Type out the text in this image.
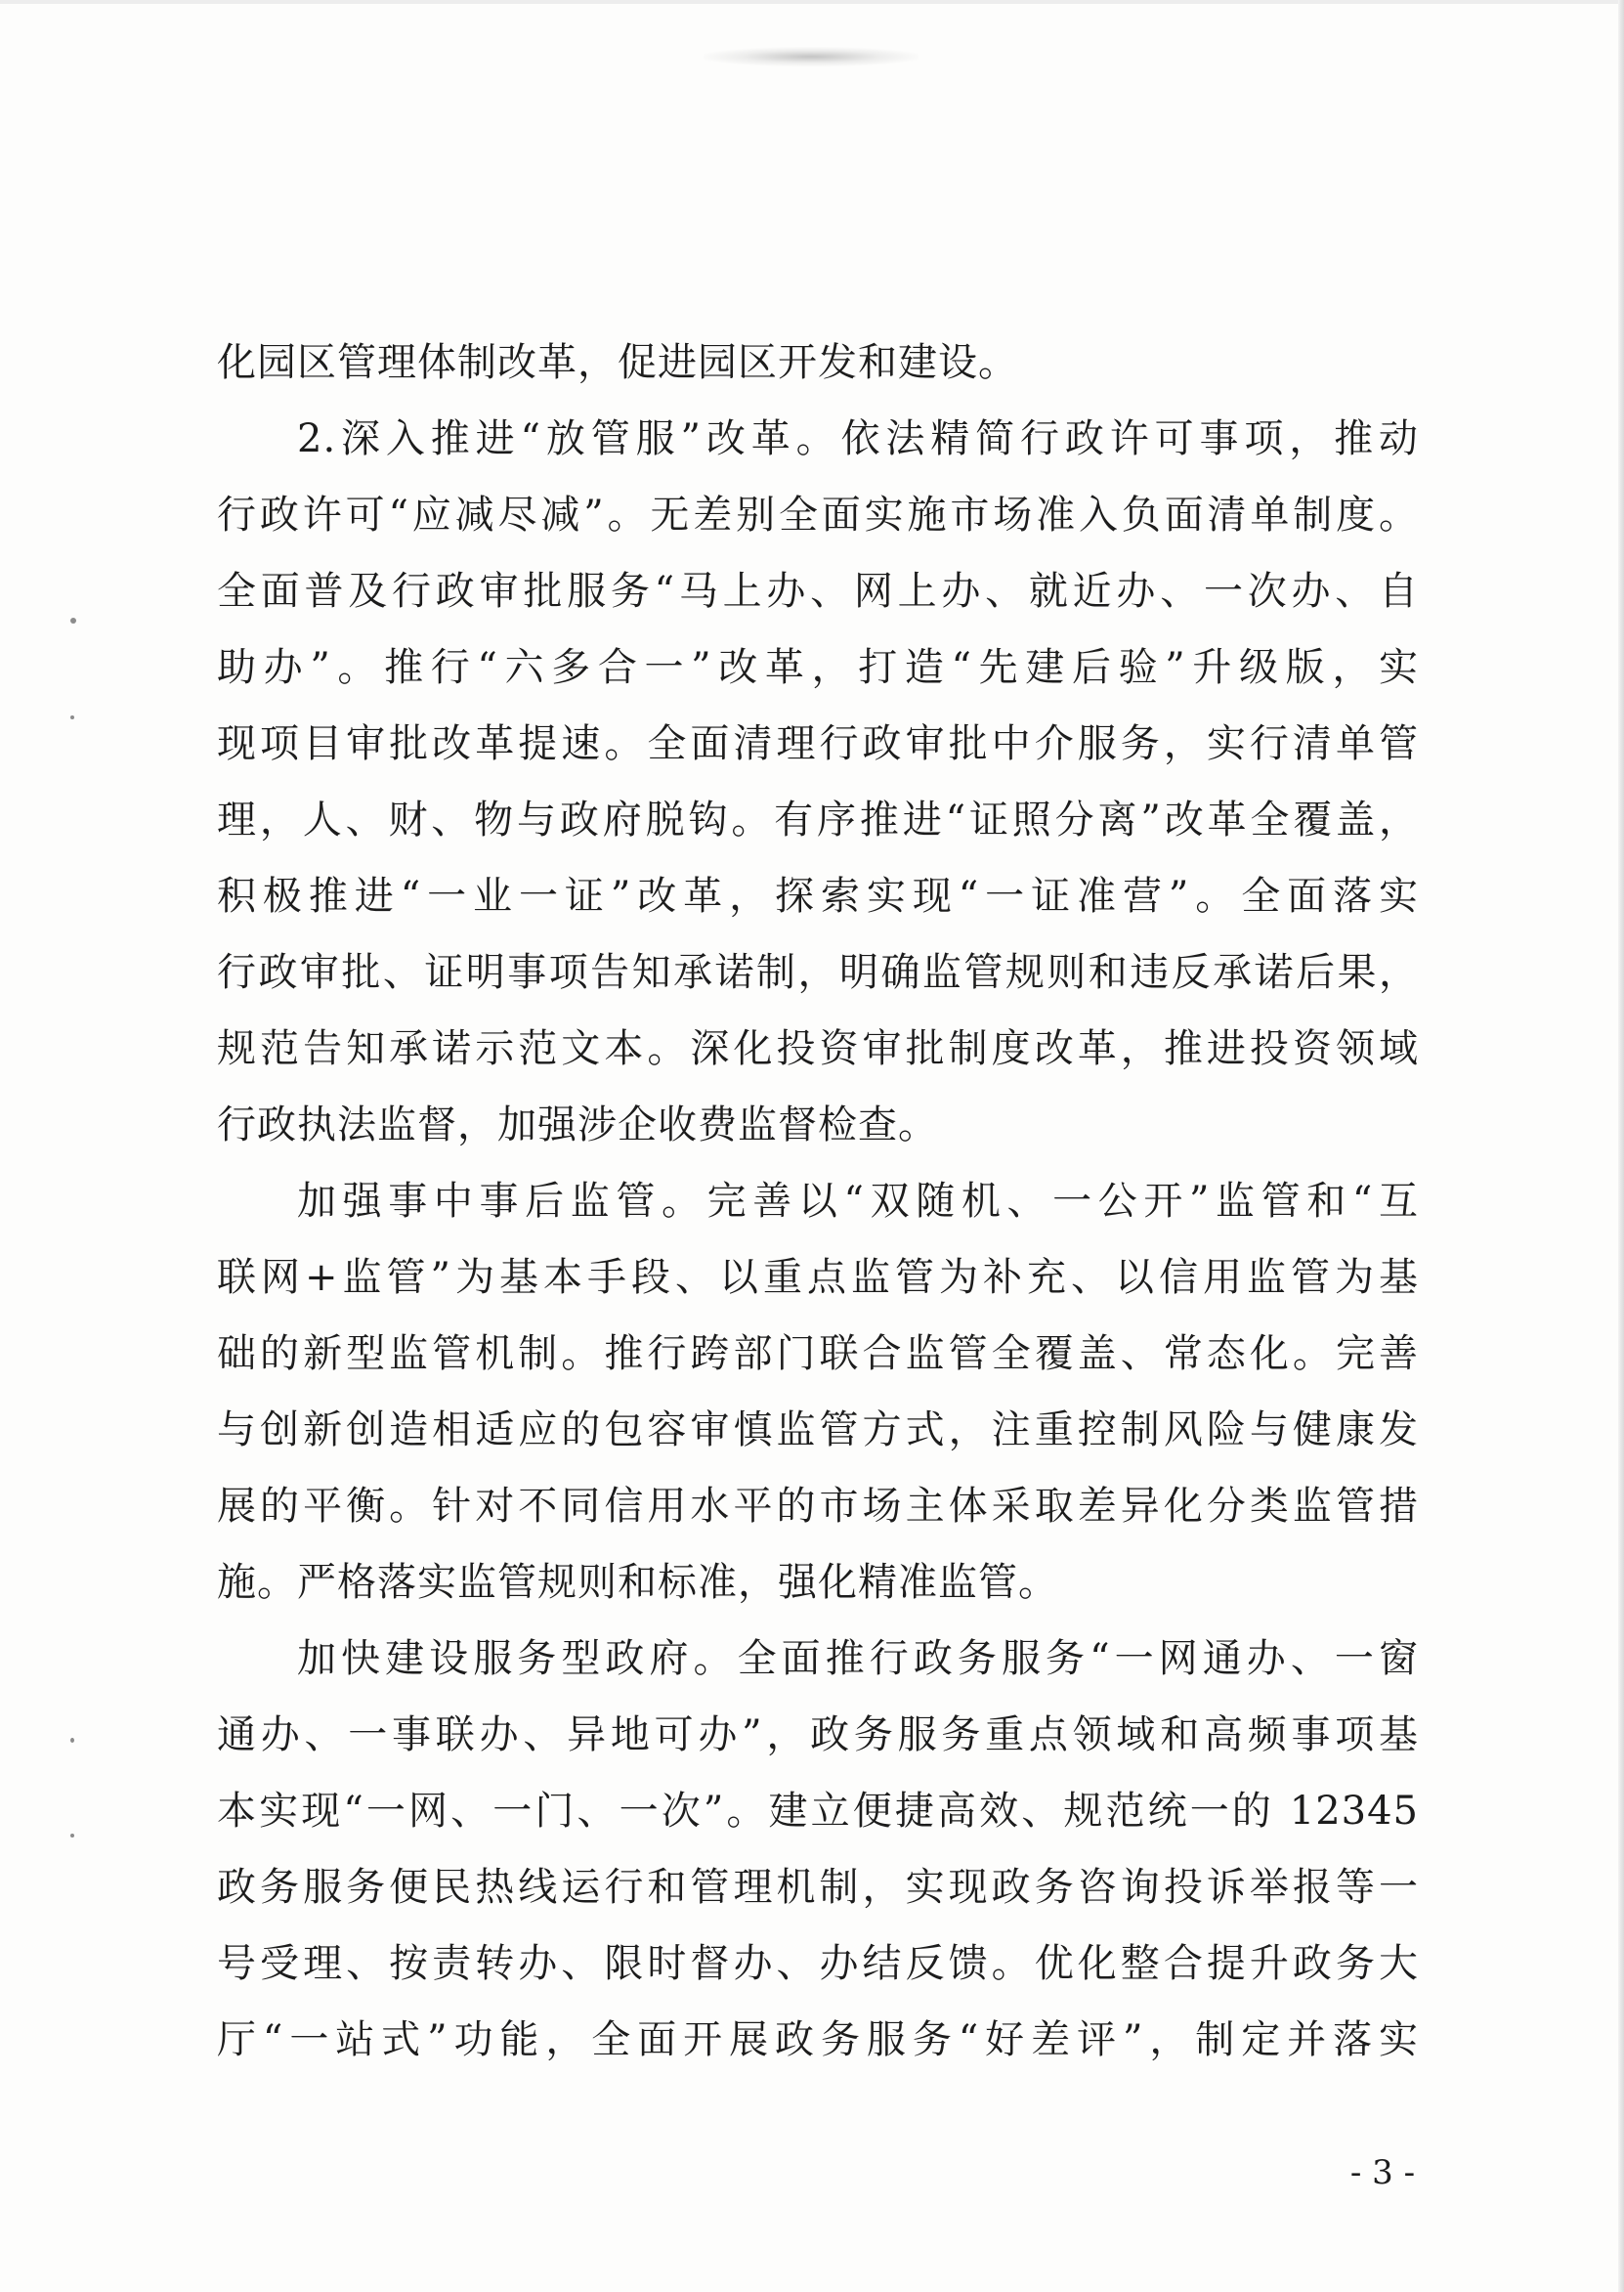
化园区管理体制改革，促进园区开发和建设。
2.深入推进“放管服”改革。依法精简行政许可事项，推动
行政许可“应减尽减”。无差别全面实施市场准入负面清单制度。
全面普及行政审批服务“马上办、网上办、就近办、一次办、自
助办”。推行“六多合一”改革，打造“先建后验”升级版，实
现项目审批改革提速。全面清理行政审批中介服务，实行清单管
理，人、财、物与政府脱钩。有序推进“证照分离”改革全覆盖，
积极推进“一业一证”改革，探索实现“一证准营”。全面落实
行政审批、证明事项告知承诺制，明确监管规则和违反承诺后果，
规范告知承诺示范文本。深化投资审批制度改革，推进投资领域
行政执法监督，加强涉企收费监督检查。
加强事中事后监管。完善以“双随机、一公开”监管和“互
联网+监管”为基本手段、以重点监管为补充、以信用监管为基
础的新型监管机制。推行跨部门联合监管全覆盖、常态化。完善
与创新创造相适应的包容审慎监管方式，注重控制风险与健康发
展的平衡。针对不同信用水平的市场主体采取差异化分类监管措
施。严格落实监管规则和标准，强化精准监管。
加快建设服务型政府。全面推行政务服务“一网通办、一窗
通办、一事联办、异地可办”，政务服务重点领域和高频事项基
本实现“一网、一门、一次”。建立便捷高效、规范统一的 12345
政务服务便民热线运行和管理机制，实现政务咨询投诉举报等一
号受理、按责转办、限时督办、办结反馈。优化整合提升政务大
厅“一站式”功能，全面开展政务服务“好差评”，制定并落实
- 3 -
